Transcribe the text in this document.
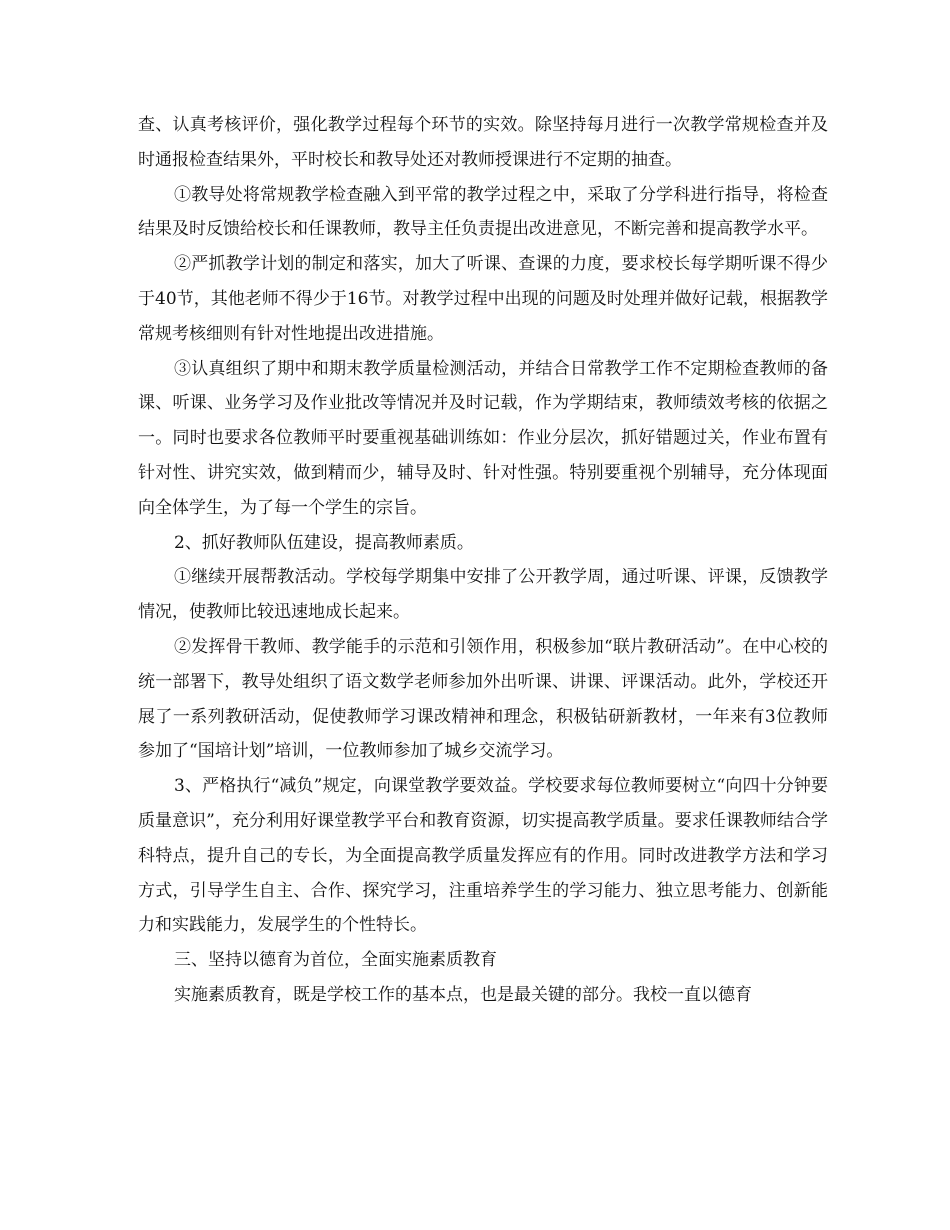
查、认真考核评价，强化教学过程每个环节的实效。除坚持每月进行一次教学常规检查并及时通报检查结果外，平时校长和教导处还对教师授课进行不定期的抽查。

①教导处将常规教学检查融入到平常的教学过程之中，采取了分学科进行指导，将检查结果及时反馈给校长和任课教师，教导主任负责提出改进意见，不断完善和提高教学水平。

②严抓教学计划的制定和落实，加大了听课、查课的力度，要求校长每学期听课不得少于40节，其他老师不得少于16节。对教学过程中出现的问题及时处理并做好记载，根据教学常规考核细则有针对性地提出改进措施。

③认真组织了期中和期末教学质量检测活动，并结合日常教学工作不定期检查教师的备课、听课、业务学习及作业批改等情况并及时记载，作为学期结束，教师绩效考核的依据之一。同时也要求各位教师平时要重视基础训练如：作业分层次，抓好错题过关，作业布置有针对性、讲究实效，做到精而少，辅导及时、针对性强。特别要重视个别辅导，充分体现面向全体学生，为了每一个学生的宗旨。

2、抓好教师队伍建设，提高教师素质。

①继续开展帮教活动。学校每学期集中安排了公开教学周，通过听课、评课，反馈教学情况，使教师比较迅速地成长起来。

②发挥骨干教师、教学能手的示范和引领作用，积极参加“联片教研活动”。在中心校的统一部署下，教导处组织了语文数学老师参加外出听课、讲课、评课活动。此外，学校还开展了一系列教研活动，促使教师学习课改精神和理念，积极钻研新教材，一年来有3位教师参加了“国培计划”培训，一位教师参加了城乡交流学习。

3、严格执行“减负”规定，向课堂教学要效益。学校要求每位教师要树立“向四十分钟要质量意识”，充分利用好课堂教学平台和教育资源，切实提高教学质量。要求任课教师结合学科特点，提升自己的专长，为全面提高教学质量发挥应有的作用。同时改进教学方法和学习方式，引导学生自主、合作、探究学习，注重培养学生的学习能力、独立思考能力、创新能力和实践能力，发展学生的个性特长。

三、坚持以德育为首位，全面实施素质教育

实施素质教育，既是学校工作的基本点，也是最关键的部分。我校一直以德育
